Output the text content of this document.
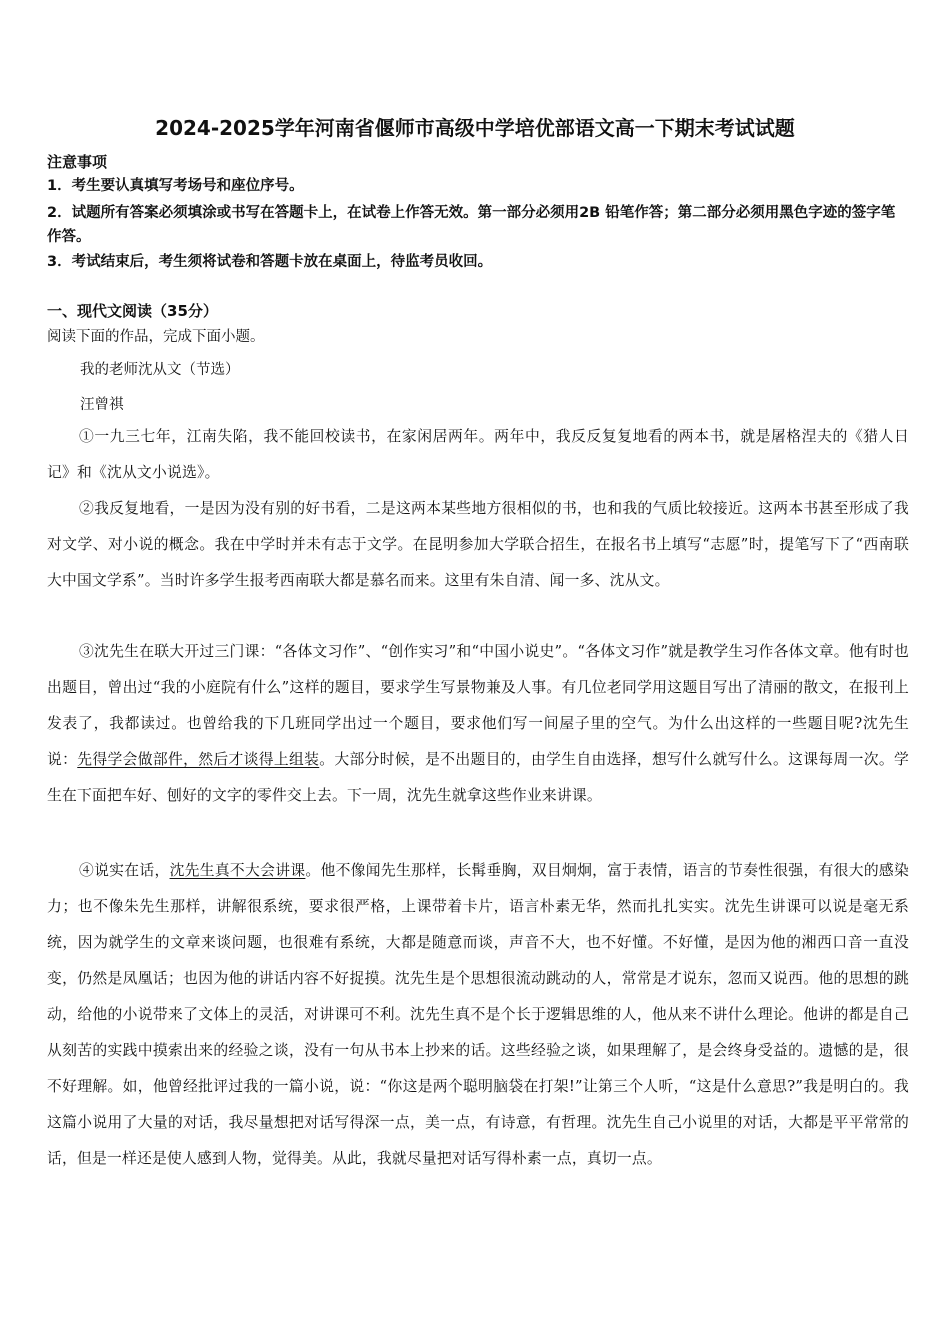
2024-2025学年河南省偃师市高级中学培优部语文高一下期末考试试题
注意事项
1．考生要认真填写考场号和座位序号。
2．试题所有答案必须填涂或书写在答题卡上，在试卷上作答无效。第一部分必须用2B 铅笔作答；第二部分必须用黑色字迹的签字笔作答。
3．考试结束后，考生须将试卷和答题卡放在桌面上，待监考员收回。
一、现代文阅读（35分）
阅读下面的作品，完成下面小题。
我的老师沈从文（节选）
汪曾祺
①一九三七年，江南失陷，我不能回校读书，在家闲居两年。两年中，我反反复复地看的两本书，就是屠格涅夫的《猎人日记》和《沈从文小说选》。
②我反复地看，一是因为没有别的好书看，二是这两本某些地方很相似的书，也和我的气质比较接近。这两本书甚至形成了我对文学、对小说的概念。我在中学时并未有志于文学。在昆明参加大学联合招生，在报名书上填写“志愿”时，提笔写下了“西南联大中国文学系”。当时许多学生报考西南联大都是慕名而来。这里有朱自清、闻一多、沈从文。
③沈先生在联大开过三门课：“各体文习作”、“创作实习”和“中国小说史”。“各体文习作”就是教学生习作各体文章。他有时也出题目，曾出过“我的小庭院有什么”这样的题目，要求学生写景物兼及人事。有几位老同学用这题目写出了清丽的散文，在报刊上发表了，我都读过。也曾给我的下几班同学出过一个题目，要求他们写一间屋子里的空气。为什么出这样的一些题目呢?沈先生说：先得学会做部件，然后才谈得上组装。大部分时候，是不出题目的，由学生自由选择，想写什么就写什么。这课每周一次。学生在下面把车好、刨好的文字的零件交上去。下一周，沈先生就拿这些作业来讲课。
④说实在话，沈先生真不大会讲课。他不像闻先生那样，长髯垂胸，双目炯炯，富于表情，语言的节奏性很强，有很大的感染力；也不像朱先生那样，讲解很系统，要求很严格，上课带着卡片，语言朴素无华，然而扎扎实实。沈先生讲课可以说是毫无系统，因为就学生的文章来谈问题，也很难有系统，大都是随意而谈，声音不大，也不好懂。不好懂，是因为他的湘西口音一直没变，仍然是凤凰话；也因为他的讲话内容不好捉摸。沈先生是个思想很流动跳动的人，常常是才说东，忽而又说西。他的思想的跳动，给他的小说带来了文体上的灵活，对讲课可不利。沈先生真不是个长于逻辑思维的人，他从来不讲什么理论。他讲的都是自己从刻苦的实践中摸索出来的经验之谈，没有一句从书本上抄来的话。这些经验之谈，如果理解了，是会终身受益的。遗憾的是，很不好理解。如，他曾经批评过我的一篇小说，说：“你这是两个聪明脑袋在打架!”让第三个人听，“这是什么意思?”我是明白的。我这篇小说用了大量的对话，我尽量想把对话写得深一点，美一点，有诗意，有哲理。沈先生自己小说里的对话，大都是平平常常的话，但是一样还是使人感到人物，觉得美。从此，我就尽量把对话写得朴素一点，真切一点。
